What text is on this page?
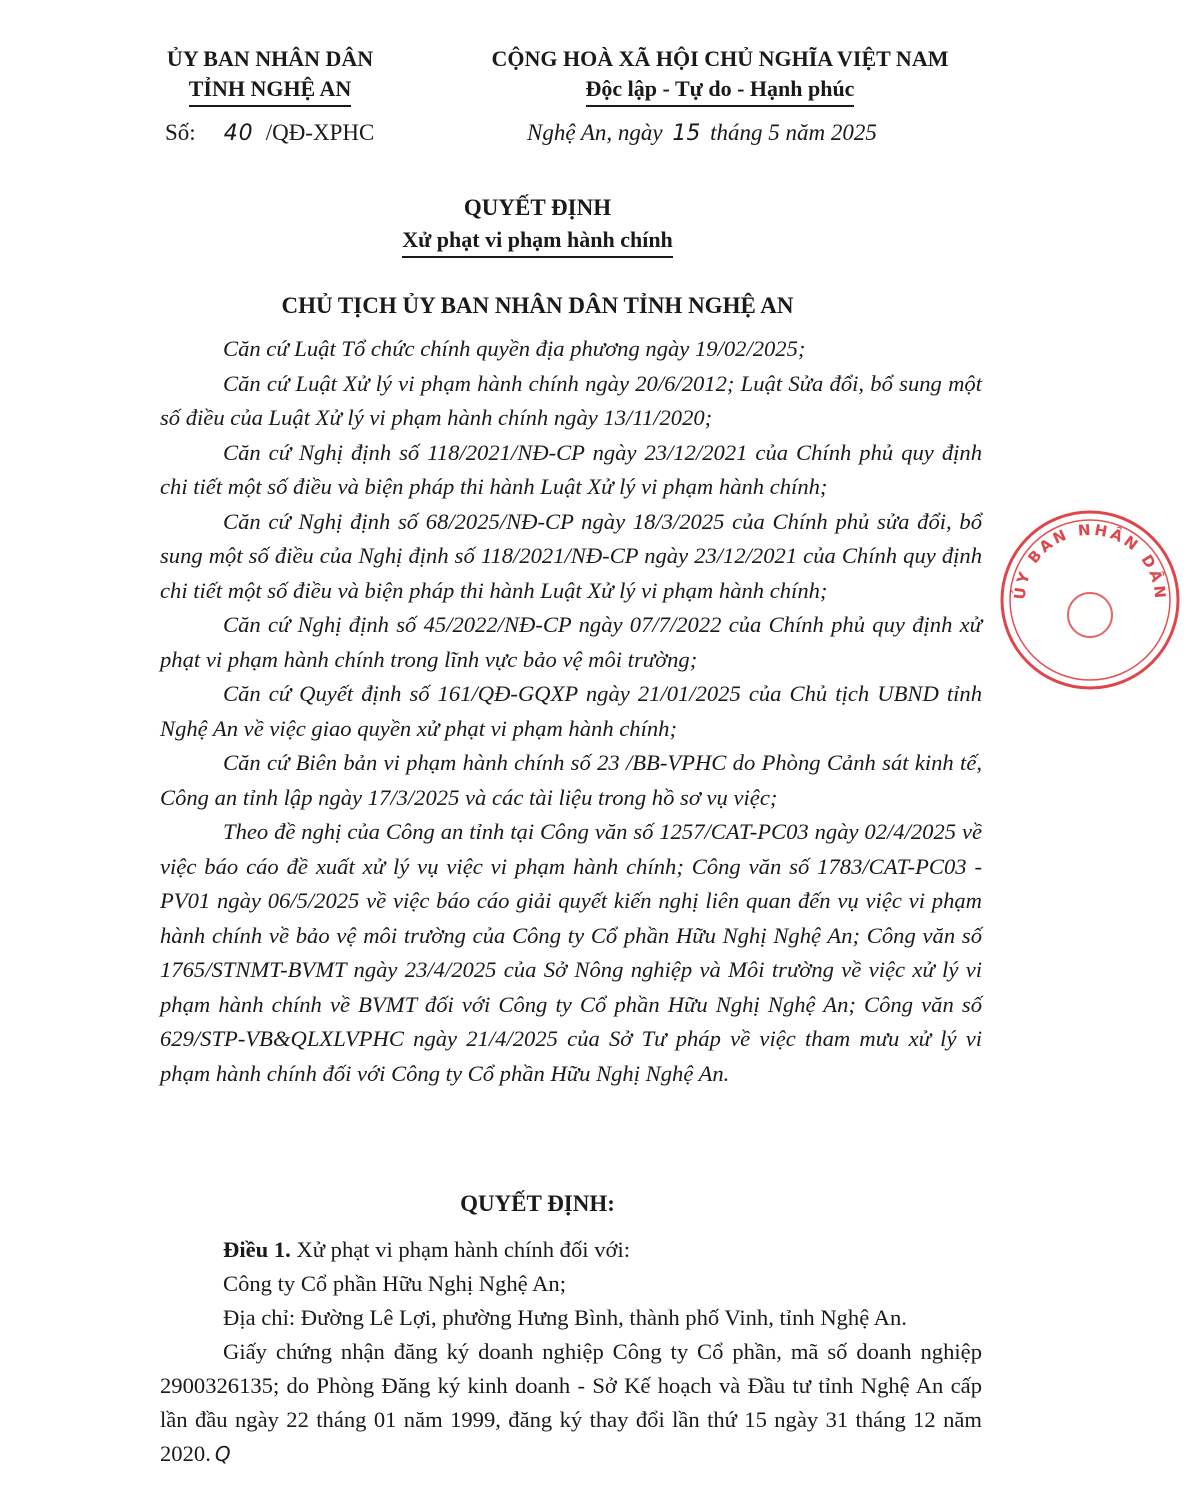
ỦY BAN NHÂN DÂN
TỈNH NGHỆ AN
CỘNG HOÀ XÃ HỘI CHỦ NGHĨA VIỆT NAM
Độc lập - Tự do - Hạnh phúc
Số: 40 /QĐ-XPHC	Nghệ An, ngày 15 tháng 5 năm 2025
QUYẾT ĐỊNH
Xử phạt vi phạm hành chính
CHỦ TỊCH ỦY BAN NHÂN DÂN TỈNH NGHỆ AN

Căn cứ Luật Tổ chức chính quyền địa phương ngày 19/02/2025;

Căn cứ Luật Xử lý vi phạm hành chính ngày 20/6/2012; Luật Sửa đổi, bổ sung một số điều của Luật Xử lý vi phạm hành chính ngày 13/11/2020;

Căn cứ Nghị định số 118/2021/NĐ-CP ngày 23/12/2021 của Chính phủ quy định chi tiết một số điều và biện pháp thi hành Luật Xử lý vi phạm hành chính;

Căn cứ Nghị định số 68/2025/NĐ-CP ngày 18/3/2025 của Chính phủ sửa đổi, bổ sung một số điều của Nghị định số 118/2021/NĐ-CP ngày 23/12/2021 của Chính quy định chi tiết một số điều và biện pháp thi hành Luật Xử lý vi phạm hành chính;

Căn cứ Nghị định số 45/2022/NĐ-CP ngày 07/7/2022 của Chính phủ quy định xử phạt vi phạm hành chính trong lĩnh vực bảo vệ môi trường;

Căn cứ Quyết định số 161/QĐ-GQXP ngày 21/01/2025 của Chủ tịch UBND tỉnh Nghệ An về việc giao quyền xử phạt vi phạm hành chính;

Căn cứ Biên bản vi phạm hành chính số 23 /BB-VPHC do Phòng Cảnh sát kinh tế, Công an tỉnh lập ngày 17/3/2025 và các tài liệu trong hồ sơ vụ việc;

Theo đề nghị của Công an tỉnh tại Công văn số 1257/CAT-PC03 ngày 02/4/2025 về việc báo cáo đề xuất xử lý vụ việc vi phạm hành chính; Công văn số 1783/CAT-PC03 - PV01 ngày 06/5/2025 về việc báo cáo giải quyết kiến nghị liên quan đến vụ việc vi phạm hành chính về bảo vệ môi trường của Công ty Cổ phần Hữu Nghị Nghệ An; Công văn số 1765/STNMT-BVMT ngày 23/4/2025 của Sở Nông nghiệp và Môi trường về việc xử lý vi phạm hành chính về BVMT đối với Công ty Cổ phần Hữu Nghị Nghệ An; Công văn số 629/STP-VB&QLXLVPHC ngày 21/4/2025 của Sở Tư pháp về việc tham mưu xử lý vi phạm hành chính đối với Công ty Cổ phần Hữu Nghị Nghệ An.

QUYẾT ĐỊNH:

Điều 1. Xử phạt vi phạm hành chính đối với:

Công ty Cổ phần Hữu Nghị Nghệ An;

Địa chỉ: Đường Lê Lợi, phường Hưng Bình, thành phố Vinh, tỉnh Nghệ An.

Giấy chứng nhận đăng ký doanh nghiệp Công ty Cổ phần, mã số doanh nghiệp 2900326135; do Phòng Đăng ký kinh doanh - Sở Kế hoạch và Đầu tư tỉnh Nghệ An cấp lần đầu ngày 22 tháng 01 năm 1999, đăng ký thay đổi lần thứ 15 ngày 31 tháng 12 năm 2020. Q

ỦY BAN NHÂN DÂN
